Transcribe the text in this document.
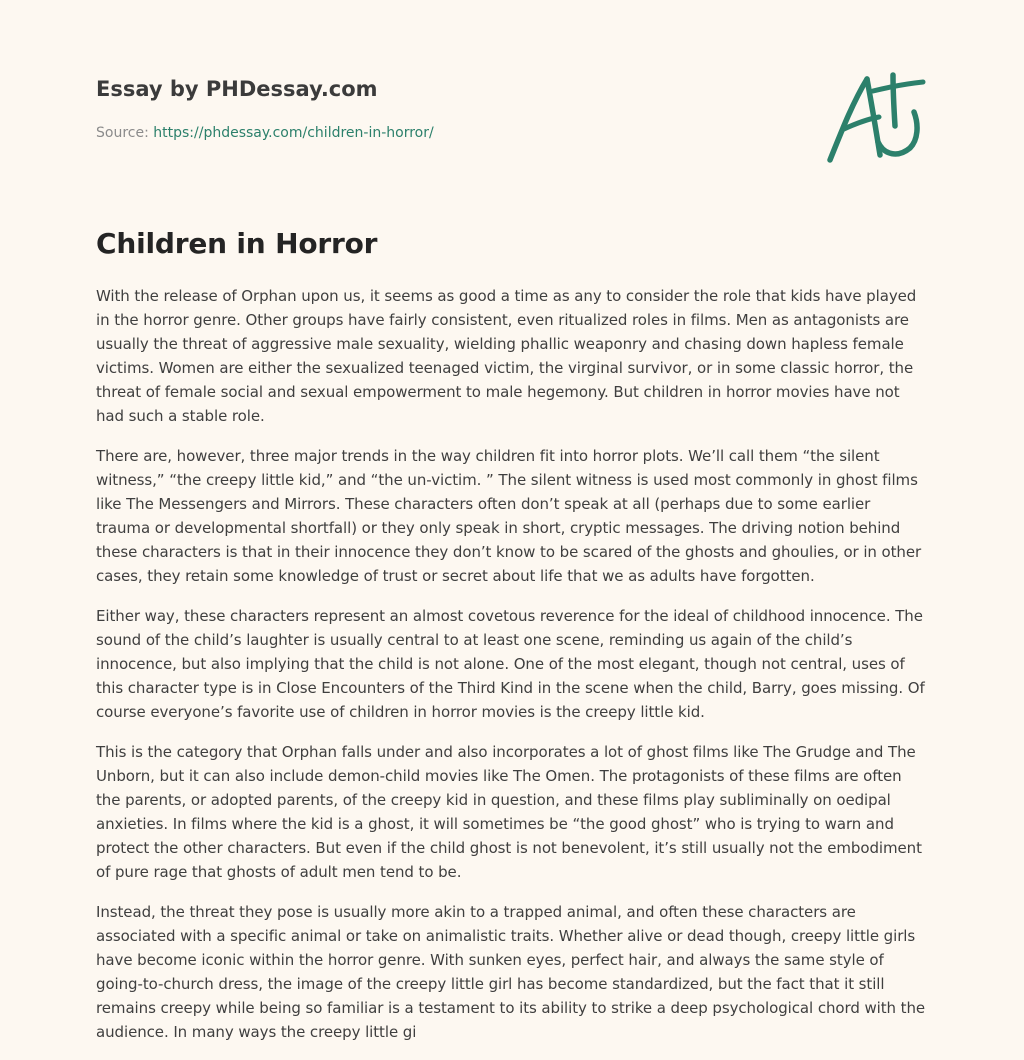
Essay by PHDessay.com
Source: https://phdessay.com/children-in-horror/
Children in Horror

With the release of Orphan upon us, it seems as good a time as any to consider the role that kids have played in the horror genre. Other groups have fairly consistent, even ritualized roles in films. Men as antagonists are usually the threat of aggressive male sexuality, wielding phallic weaponry and chasing down hapless female victims. Women are either the sexualized teenaged victim, the virginal survivor, or in some classic horror, the threat of female social and sexual empowerment to male hegemony. But children in horror movies have not had such a stable role.

There are, however, three major trends in the way children fit into horror plots. We’ll call them “the silent witness,” “the creepy little kid,” and “the un-victim. ” The silent witness is used most commonly in ghost films like The Messengers and Mirrors. These characters often don’t speak at all (perhaps due to some earlier trauma or developmental shortfall) or they only speak in short, cryptic messages. The driving notion behind these characters is that in their innocence they don’t know to be scared of the ghosts and ghoulies, or in other cases, they retain some knowledge of trust or secret about life that we as adults have forgotten.

Either way, these characters represent an almost covetous reverence for the ideal of childhood innocence. The sound of the child’s laughter is usually central to at least one scene, reminding us again of the child’s innocence, but also implying that the child is not alone. One of the most elegant, though not central, uses of this character type is in Close Encounters of the Third Kind in the scene when the child, Barry, goes missing. Of course everyone’s favorite use of children in horror movies is the creepy little kid.

This is the category that Orphan falls under and also incorporates a lot of ghost films like The Grudge and The Unborn, but it can also include demon-child movies like The Omen. The protagonists of these films are often the parents, or adopted parents, of the creepy kid in question, and these films play subliminally on oedipal anxieties. In films where the kid is a ghost, it will sometimes be “the good ghost” who is trying to warn and protect the other characters. But even if the child ghost is not benevolent, it’s still usually not the embodiment of pure rage that ghosts of adult men tend to be.

Instead, the threat they pose is usually more akin to a trapped animal, and often these characters are associated with a specific animal or take on animalistic traits. Whether alive or dead though, creepy little girls have become iconic within the horror genre. With sunken eyes, perfect hair, and always the same style of going-to-church dress, the image of the creepy little girl has become standardized, but the fact that it still remains creepy while being so familiar is a testament to its ability to strike a deep psychological chord with the audience. In many ways the creepy little gi
